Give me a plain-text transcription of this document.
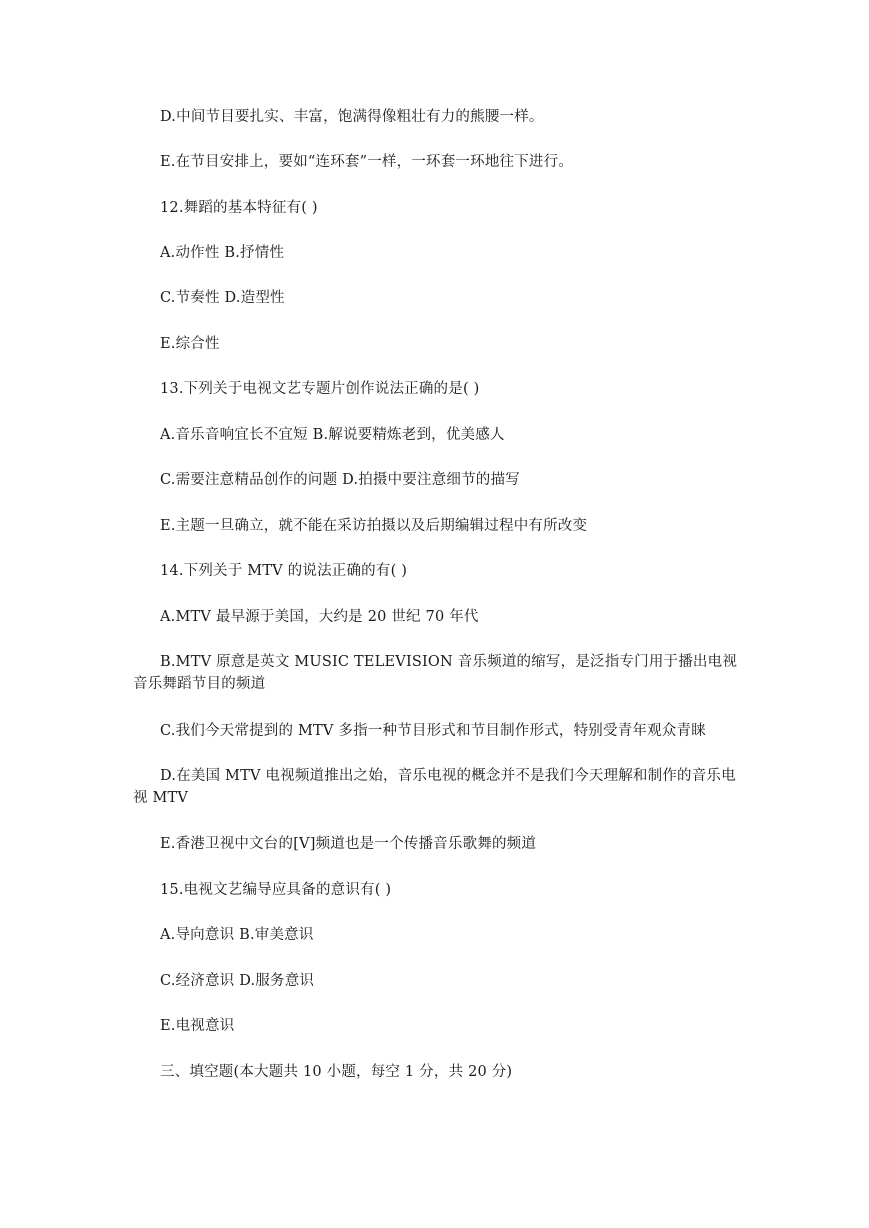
D.中间节目要扎实、丰富，饱满得像粗壮有力的熊腰一样。
E.在节目安排上，要如“连环套”一样，一环套一环地往下进行。
12.舞蹈的基本特征有( )
A.动作性 B.抒情性
C.节奏性 D.造型性
E.综合性
13.下列关于电视文艺专题片创作说法正确的是( )
A.音乐音响宜长不宜短 B.解说要精炼老到，优美感人
C.需要注意精品创作的问题 D.拍摄中要注意细节的描写
E.主题一旦确立，就不能在采访拍摄以及后期编辑过程中有所改变
14.下列关于 MTV 的说法正确的有( )
A.MTV 最早源于美国，大约是 20 世纪 70 年代
B.MTV 原意是英文 MUSIC TELEVISION 音乐频道的缩写，是泛指专门用于播出电视音乐舞蹈节目的频道
C.我们今天常提到的 MTV 多指一种节目形式和节目制作形式，特别受青年观众青睐
D.在美国 MTV 电视频道推出之始，音乐电视的概念并不是我们今天理解和制作的音乐电视 MTV
E.香港卫视中文台的[V]频道也是一个传播音乐歌舞的频道
15.电视文艺编导应具备的意识有( )
A.导向意识 B.审美意识
C.经济意识 D.服务意识
E.电视意识
三、填空题(本大题共 10 小题，每空 1 分，共 20 分)
